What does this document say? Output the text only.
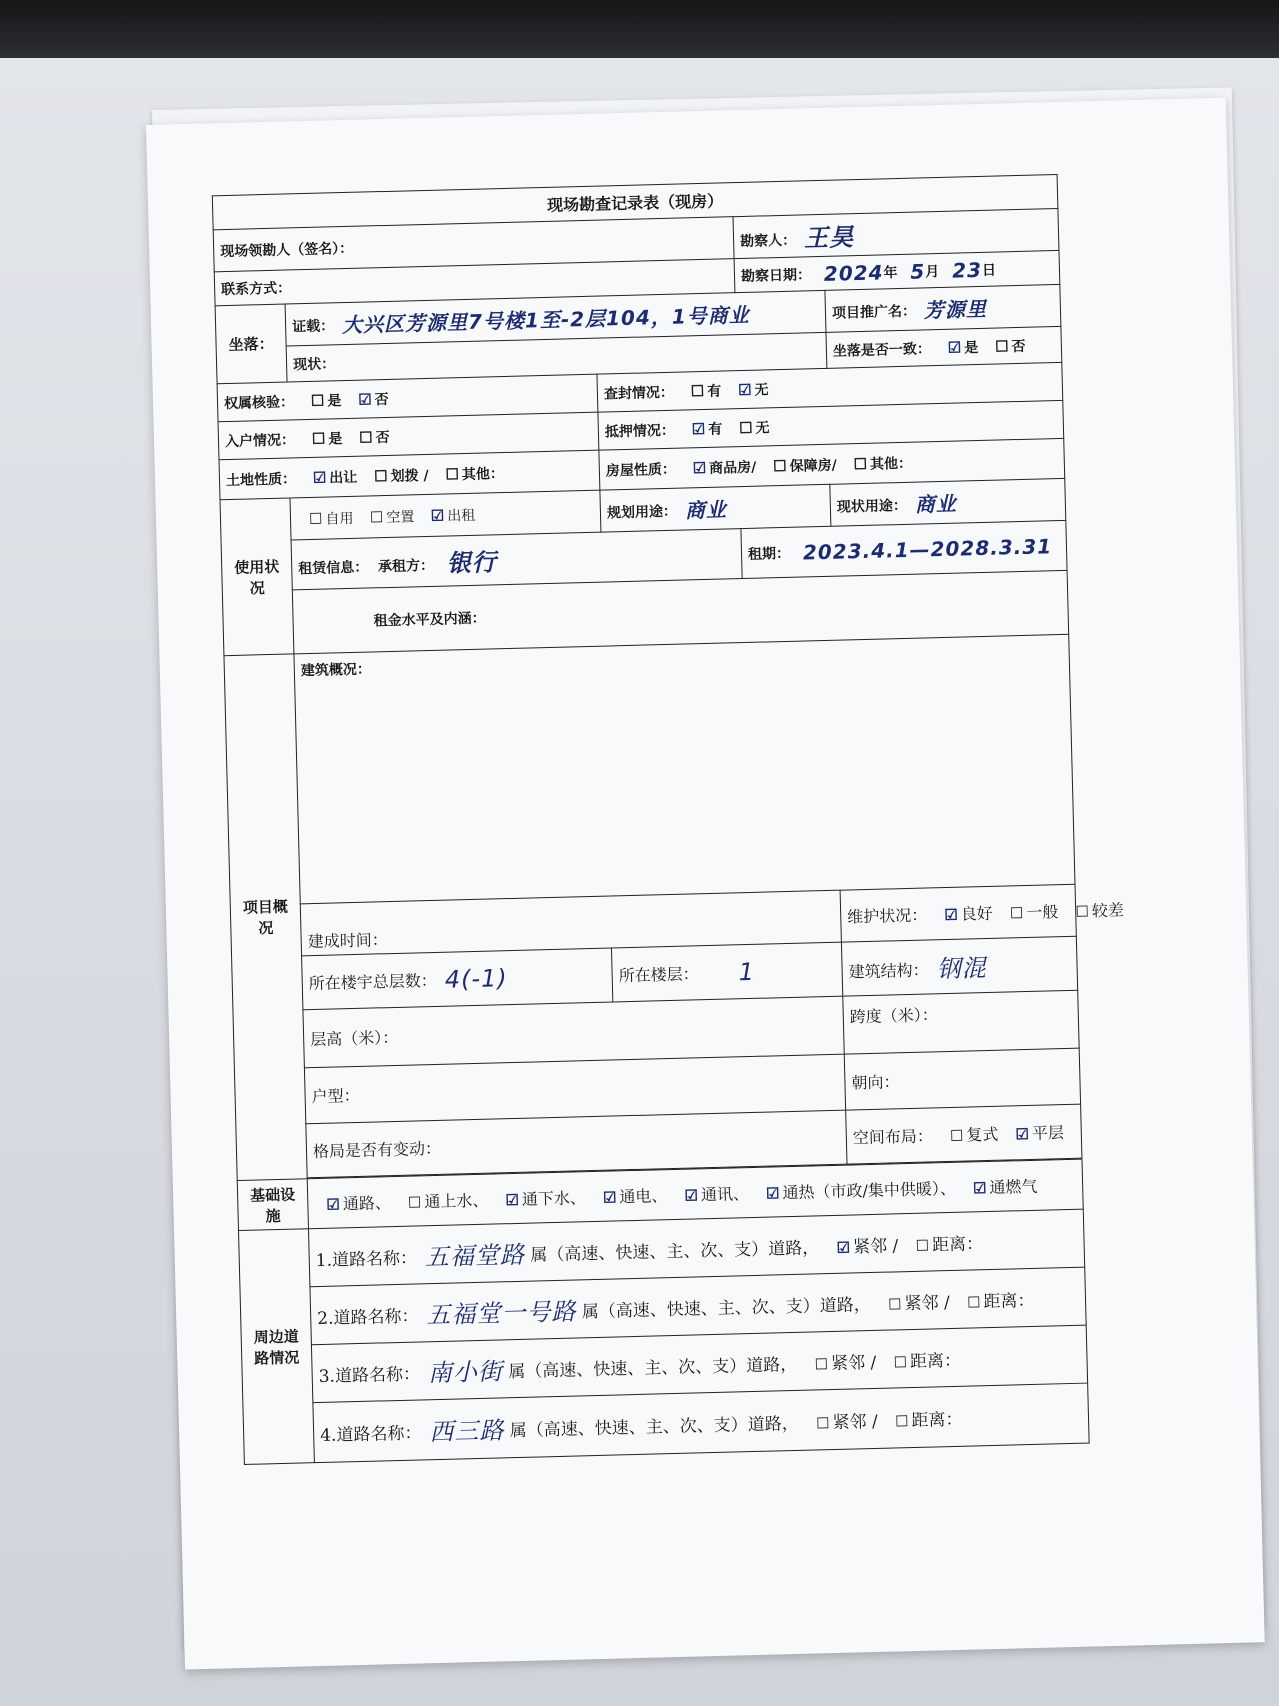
现场勘查记录表（现房）				
现场领勘人（签名）：			勘察人： 王昊	
联系方式：			勘察日期： 2024年 5月 23日	
坐落：	证载： 大兴区芳源里7号楼1至-2层104，1号商业			项目推广名： 芳源里
	现状：			坐落是否一致： ☑ 是 ☐ 否
权属核验： ☐ 是 ☑ 否		查封情况： ☐ 有 ☑ 无		
入户情况： ☐ 是 ☐ 否		抵押情况： ☑ 有 ☐ 无		
土地性质： ☑ 出让 ☐ 划拨 / ☐ 其他：		房屋性质： ☑ 商品房/ ☐ 保障房/ ☐ 其他：		
使用状况	☐ 自用 ☐ 空置 ☑ 出租	规划用途： 商业		现状用途： 商业
	租赁信息： 承租方： 银行		租期： 2023.4.1—2028.3.31	
	租金水平及内涵：			
项目概况	建筑概况：			
	建成时间：			维护状况： ☑ 良好 ☐ 一般 ☐ 较差
	所在楼宇总层数： 4(-1)	所在楼层： 1		建筑结构： 钢混
	层高（米）：			跨度（米）：
	户型：			朝向：
	格局是否有变动：			空间布局： ☐ 复式 ☑ 平层

基础设施	☑ 通路、 ☐ 通上水、 ☑ 通下水、 ☑ 通电、 ☑ 通讯、 ☑ 通热（市政/集中供暖）、 ☑ 通燃气			
周边道路情况	1.道路名称： 五福堂路 属（高速、快速、主、次、支）道路， ☑ 紧邻 / ☐ 距离：			
	2.道路名称： 五福堂一号路 属（高速、快速、主、次、支）道路， ☐ 紧邻 / ☐ 距离：			
	3.道路名称： 南小街 属（高速、快速、主、次、支）道路， ☐ 紧邻 / ☐ 距离：			
	4.道路名称： 西三路 属（高速、快速、主、次、支）道路， ☐ 紧邻 / ☐ 距离：			
